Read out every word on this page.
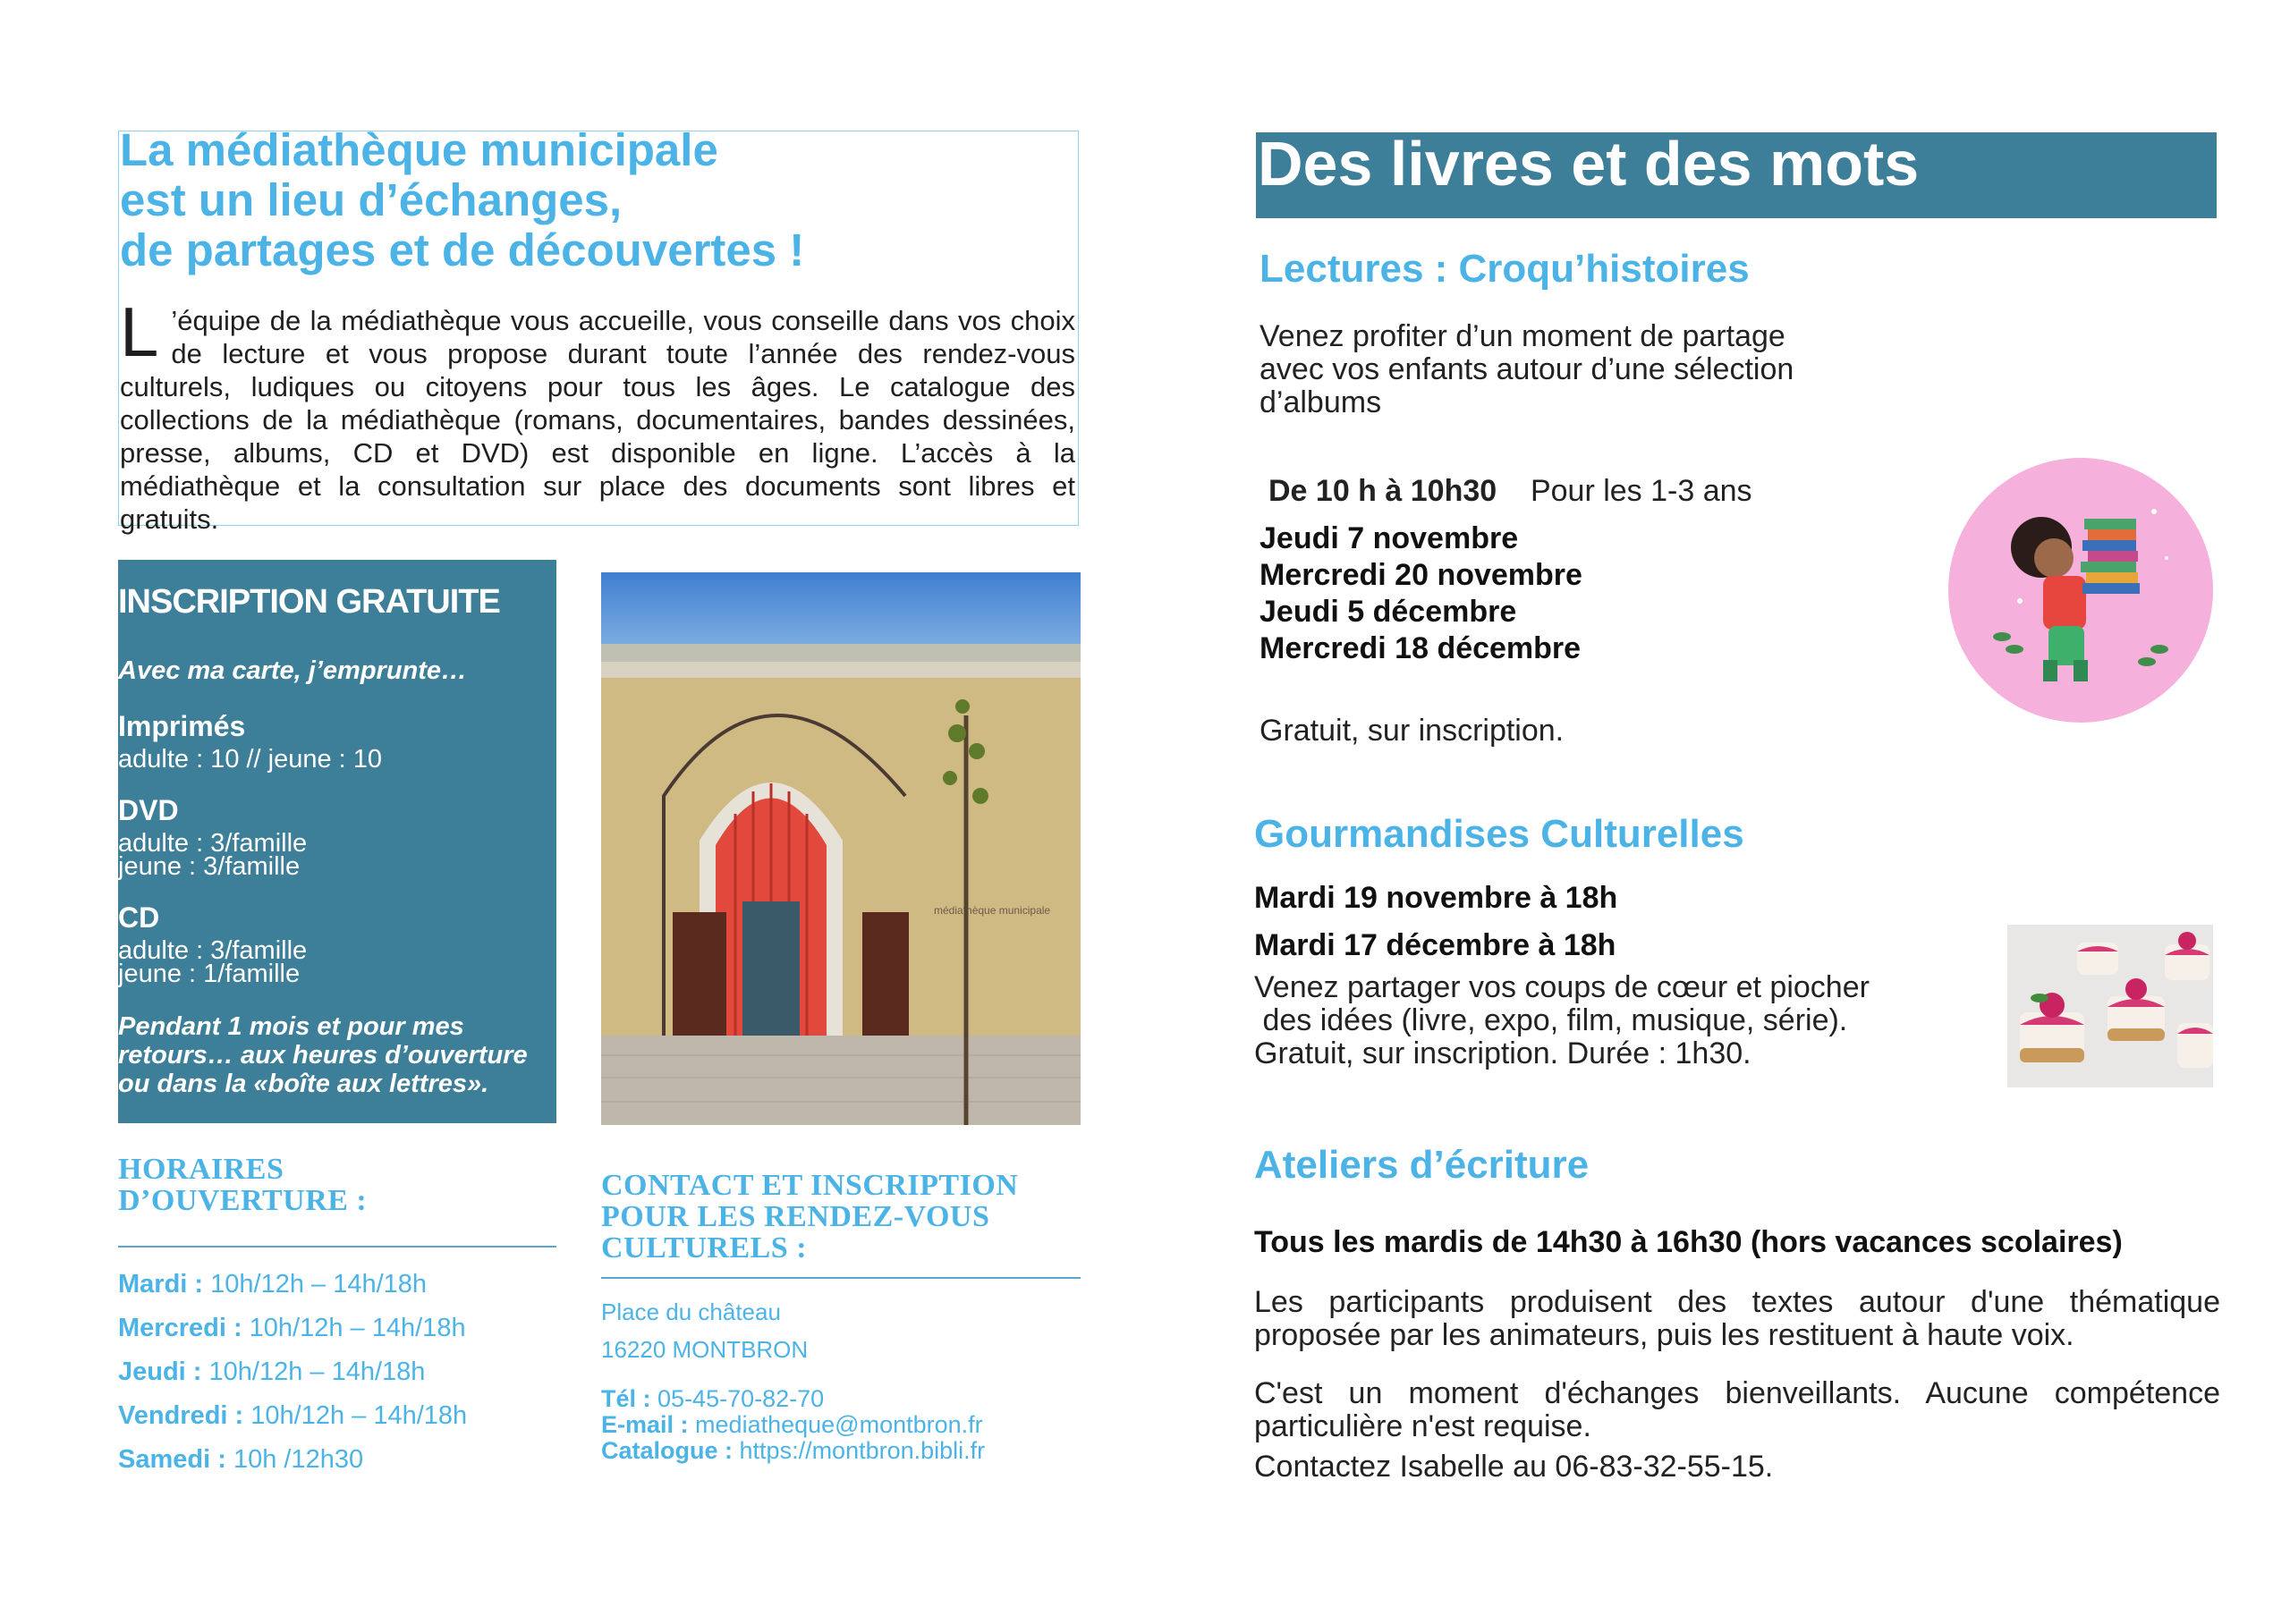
La médiathèque municipale
est un lieu d’échanges,
de partages et de découvertes !
L ’équipe de la médiathèque vous accueille, vous conseille dans vos choix de lecture et vous propose durant toute l’année des rendez-vous culturels, ludiques ou citoyens pour tous les âges. Le catalogue des collections de la médiathèque (romans, documentaires, bandes dessinées, presse, albums, CD et DVD) est disponible en ligne. L’accès à la médiathèque et la consultation sur place des documents sont libres et gratuits.
INSCRIPTION GRATUITE
Avec ma carte, j’emprunte…
Imprimés
adulte : 10 // jeune : 10
DVD
adulte : 3/famille
jeune : 3/famille
CD
adulte : 3/famille
jeune : 1/famille
Pendant 1 mois et pour mes retours… aux heures d’ouverture ou dans la «boîte aux lettres».
médiathèque municipale
HORAIRES
D’OUVERTURE :
Mardi : 10h/12h – 14h/18h
Mercredi : 10h/12h – 14h/18h
Jeudi : 10h/12h – 14h/18h
Vendredi : 10h/12h – 14h/18h
Samedi : 10h /12h30
CONTACT ET INSCRIPTION
POUR LES RENDEZ-VOUS
CULTURELS :
Place du château
16220 MONTBRON
Tél : 05-45-70-82-70
E-mail : mediatheque@montbron.fr
Catalogue : https://montbron.bibli.fr
Des livres et des mots
Lectures : Croqu’histoires
Venez profiter d’un moment de partage
avec vos enfants autour d’une sélection
d’albums
De 10 h à 10h30 Pour les 1-3 ans
Jeudi 7 novembre
Mercredi 20 novembre
Jeudi 5 décembre
Mercredi 18 décembre
Gratuit, sur inscription.
Gourmandises Culturelles
Mardi 19 novembre à 18h
Mardi 17 décembre à 18h
Venez partager vos coups de cœur et piocher
des idées (livre, expo, film, musique, série).
Gratuit, sur inscription. Durée : 1h30.
Ateliers d’écriture
Tous les mardis de 14h30 à 16h30 (hors vacances scolaires)
Les participants produisent des textes autour d'une thématique proposée par les animateurs, puis les restituent à haute voix.
C'est un moment d'échanges bienveillants. Aucune compétence particulière n'est requise.
Contactez Isabelle au 06-83-32-55-15.
